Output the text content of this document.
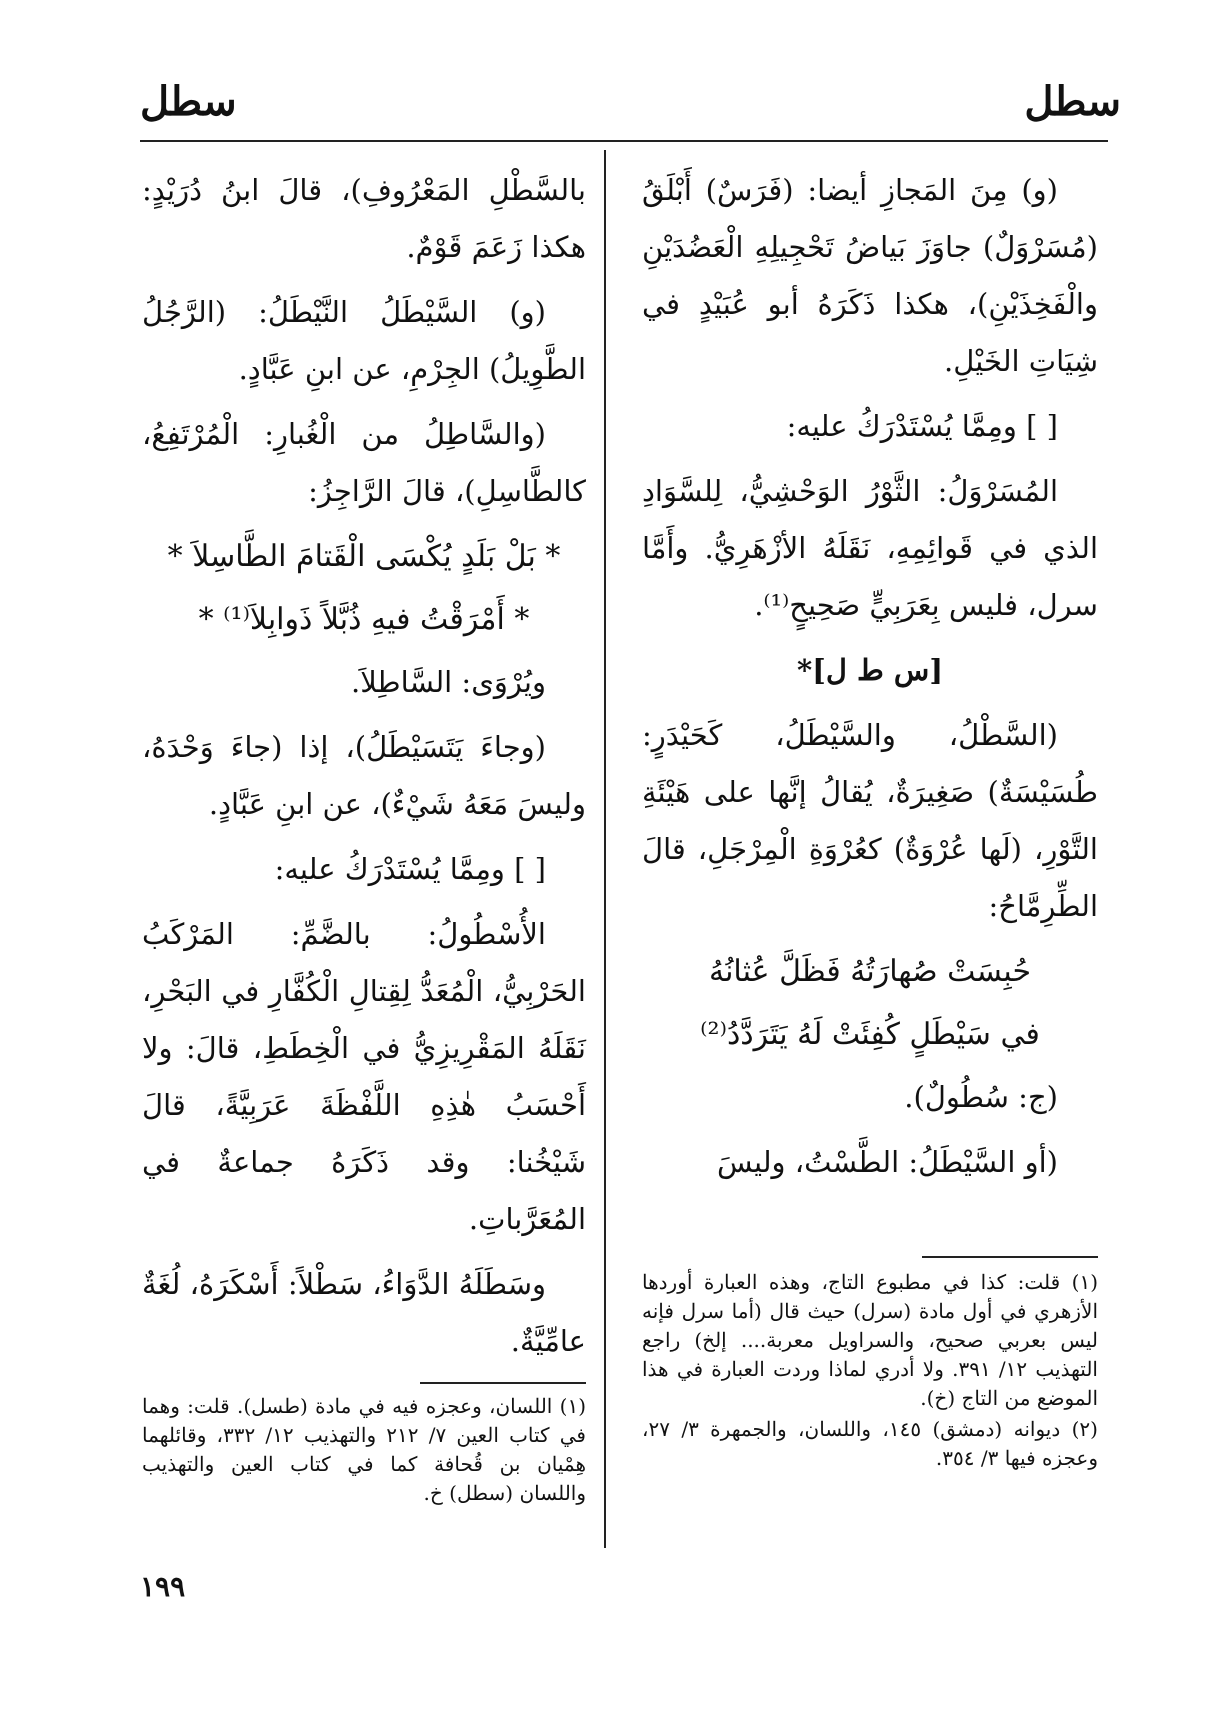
سطل
سطل

(و) مِنَ المَجازِ أيضا: (فَرَسٌ) أَبْلَقُ (مُسَرْوَلٌ) جاوَزَ بَياضُ تَحْجِيلِهِ الْعَضُدَيْنِ والْفَخِذَيْنِ)، هكذا ذَكَرَهُ أبو عُبَيْدٍ في شِيَاتِ الخَيْلِ.

[ ] ومِمَّا يُسْتَدْرَكُ عليه:

المُسَرْوَلُ: الثَّوْرُ الوَحْشِيُّ، لِلسَّوَادِ الذي في قَوائِمِهِ، نَقَلَهُ الأزْهَرِيُّ. وأَمَّا سرل، فليس بِعَرَبِيٍّ صَحِيحٍ⁽¹⁾.

[س ط ل]*

(السَّطْلُ، والسَّيْطَلُ، كَحَيْدَرٍ: طُسَيْسَةٌ) صَغِيرَةٌ، يُقالُ إنَّها على هَيْئَةِ التَّوْرِ، (لَها عُرْوَةٌ) كعُرْوَةِ الْمِرْجَلِ، قالَ الطِّرِمَّاحُ:

حُبِسَتْ صُهارَتُهُ فَظَلَّ عُثانُهُ
في سَيْطَلٍ كُفِئَتْ لَهُ يَتَرَدَّدُ⁽²⁾

(ج: سُطُولٌ).

(أو السَّيْطَلُ: الطَّسْتُ، وليسَ

بالسَّطْلِ المَعْرُوفِ)، قالَ ابنُ دُرَيْدٍ: هكذا زَعَمَ قَوْمٌ.

(و) السَّيْطَلُ النَّيْطَلُ: (الرَّجُلُ الطَّوِيلُ) الجِرْمِ، عن ابنِ عَبَّادٍ.

(والسَّاطِلُ من الْغُبارِ: الْمُرْتَفِعُ، كالطَّاسِلِ)، قالَ الرَّاجِزُ:

* بَلْ بَلَدٍ يُكْسَى الْقَتامَ الطَّاسِلاَ *
* أَمْرَقْتُ فيهِ ذُبَّلاً ذَوابِلاَ⁽¹⁾ *

ويُرْوَى: السَّاطِلاَ.

(وجاءَ يَتَسَيْطَلُ)، إذا (جاءَ وَحْدَهُ، وليسَ مَعَهُ شَيْءٌ)، عن ابنِ عَبَّادٍ.

[ ] ومِمَّا يُسْتَدْرَكُ عليه:

الأُسْطُولُ: بالضَّمِّ: المَرْكَبُ الحَرْبِيُّ، الْمُعَدُّ لِقِتالِ الْكُفَّارِ في البَحْرِ، نَقَلَهُ المَقْرِيزِيُّ في الْخِطَطِ، قالَ: ولا أَحْسَبُ هٰذِهِ اللَّفْظَةَ عَرَبِيَّةً، قالَ شَيْخُنا: وقد ذَكَرَهُ جماعةٌ في المُعَرَّباتِ.

وسَطَلَهُ الدَّوَاءُ، سَطْلاً: أَسْكَرَهُ، لُغَةٌ عامِّيَّةٌ.

(١) قلت: كذا في مطبوع التاج، وهذه العبارة أوردها الأزهري في أول مادة (سرل) حيث قال (أما سرل فإنه ليس بعربي صحيح، والسراويل معربة.... إلخ) راجع التهذيب ١٢/ ٣٩١. ولا أدري لماذا وردت العبارة في هذا الموضع من التاج (خ).

(٢) ديوانه (دمشق) ١٤٥، واللسان، والجمهرة ٣/ ٢٧، وعجزه فيها ٣/ ٣٥٤.

(١) اللسان، وعجزه فيه في مادة (طسل). قلت: وهما في كتاب العين ٧/ ٢١٢ والتهذيب ١٢/ ٣٣٢، وقائلهما هِمْيان بن قُحافة كما في كتاب العين والتهذيب واللسان (سطل) خ.

١٩٩
